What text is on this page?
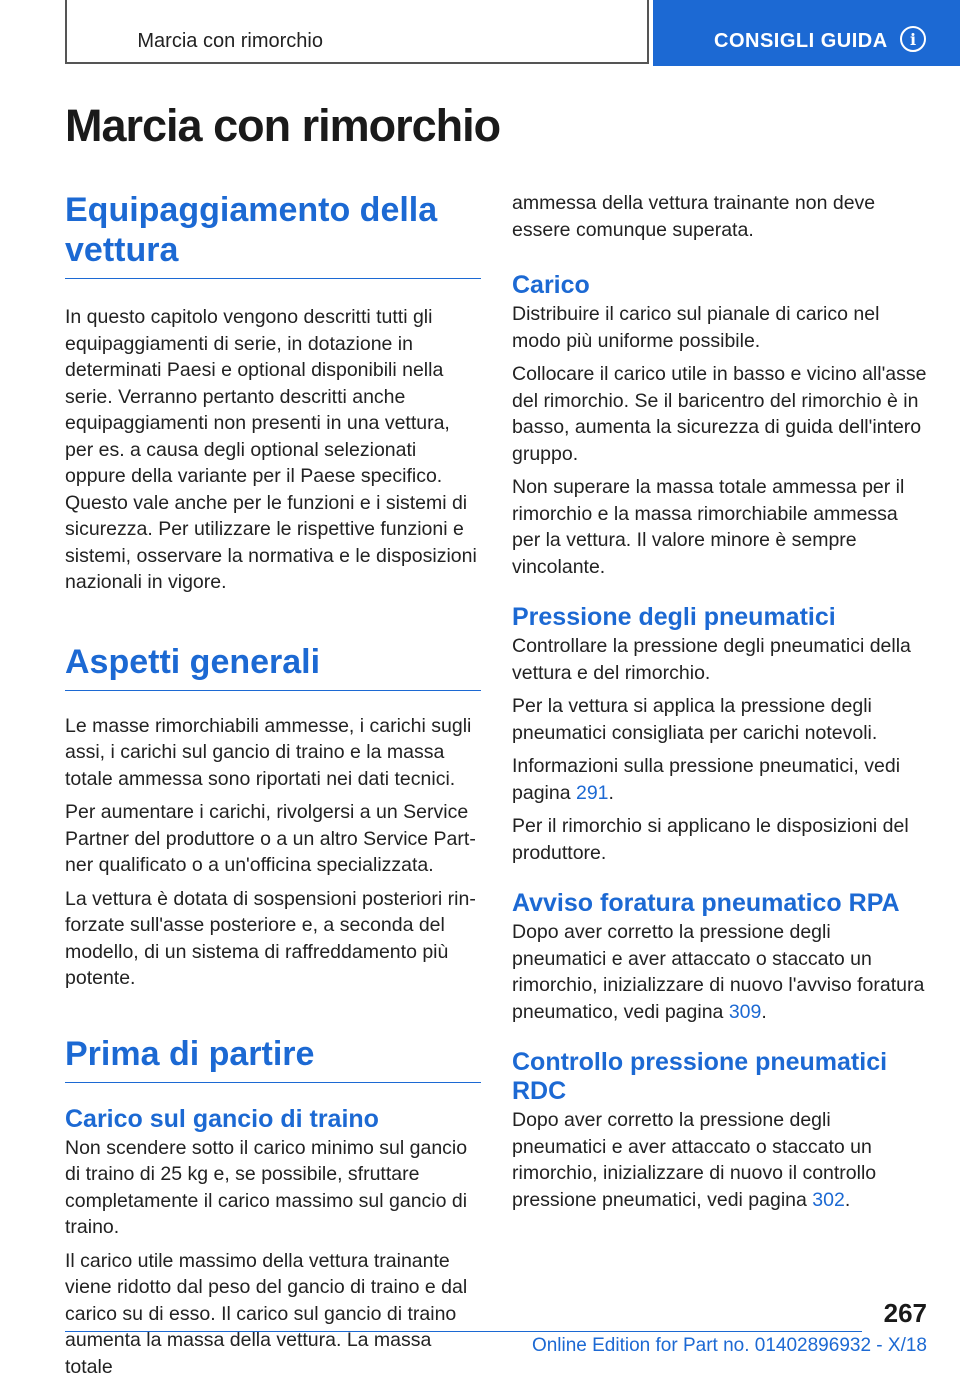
Marcia con rimorchio	CONSIGLI GUIDA	i
Marcia con rimorchio
Equipaggiamento della vettura

In questo capitolo vengono descritti tutti gli equipaggiamenti di serie, in dotazione in determinati Paesi e optional disponibili nella serie. Verranno pertanto descritti anche equipaggiamenti non presenti in una vettura, per es. a causa degli optional selezionati oppure della variante per il Paese specifico. Questo vale anche per le funzioni e i sistemi di sicurezza. Per utilizzare le rispettive funzioni e sistemi, osservare la normativa e le disposizioni nazionali in vigore.

Aspetti generali

Le masse rimorchiabili ammesse, i carichi sugli assi, i carichi sul gancio di traino e la massa totale ammessa sono riportati nei dati tecnici.

Per aumentare i carichi, rivolgersi a un Service Partner del produttore o a un altro Service Partner qualificato o a un'officina specializzata.

La vettura è dotata di sospensioni posteriori rinforzate sull'asse posteriore e, a seconda del modello, di un sistema di raffreddamento più potente.

Prima di partire
Carico sul gancio di traino

Non scendere sotto il carico minimo sul gancio di traino di 25 kg e, se possibile, sfruttare completamente il carico massimo sul gancio di traino.

Il carico utile massimo della vettura trainante viene ridotto dal peso del gancio di traino e dal carico su di esso. Il carico sul gancio di traino aumenta la massa della vettura. La massa totale

ammessa della vettura trainante non deve essere comunque superata.

Carico

Distribuire il carico sul pianale di carico nel modo più uniforme possibile.

Collocare il carico utile in basso e vicino all'asse del rimorchio. Se il baricentro del rimorchio è in basso, aumenta la sicurezza di guida dell'intero gruppo.

Non superare la massa totale ammessa per il rimorchio e la massa rimorchiabile ammessa per la vettura. Il valore minore è sempre vincolante.

Pressione degli pneumatici

Controllare la pressione degli pneumatici della vettura e del rimorchio.

Per la vettura si applica la pressione degli pneumatici consigliata per carichi notevoli.

Informazioni sulla pressione pneumatici, vedi pagina 291.

Per il rimorchio si applicano le disposizioni del produttore.

Avviso foratura pneumatico RPA

Dopo aver corretto la pressione degli pneumatici e aver attaccato o staccato un rimorchio, inizializzare di nuovo l'avviso foratura pneumatico, vedi pagina 309.

Controllo pressione pneumatici RDC

Dopo aver corretto la pressione degli pneumatici e aver attaccato o staccato un rimorchio, inizializzare di nuovo il controllo pressione pneumatici, vedi pagina 302.

267
Online Edition for Part no. 01402896932 - X/18
